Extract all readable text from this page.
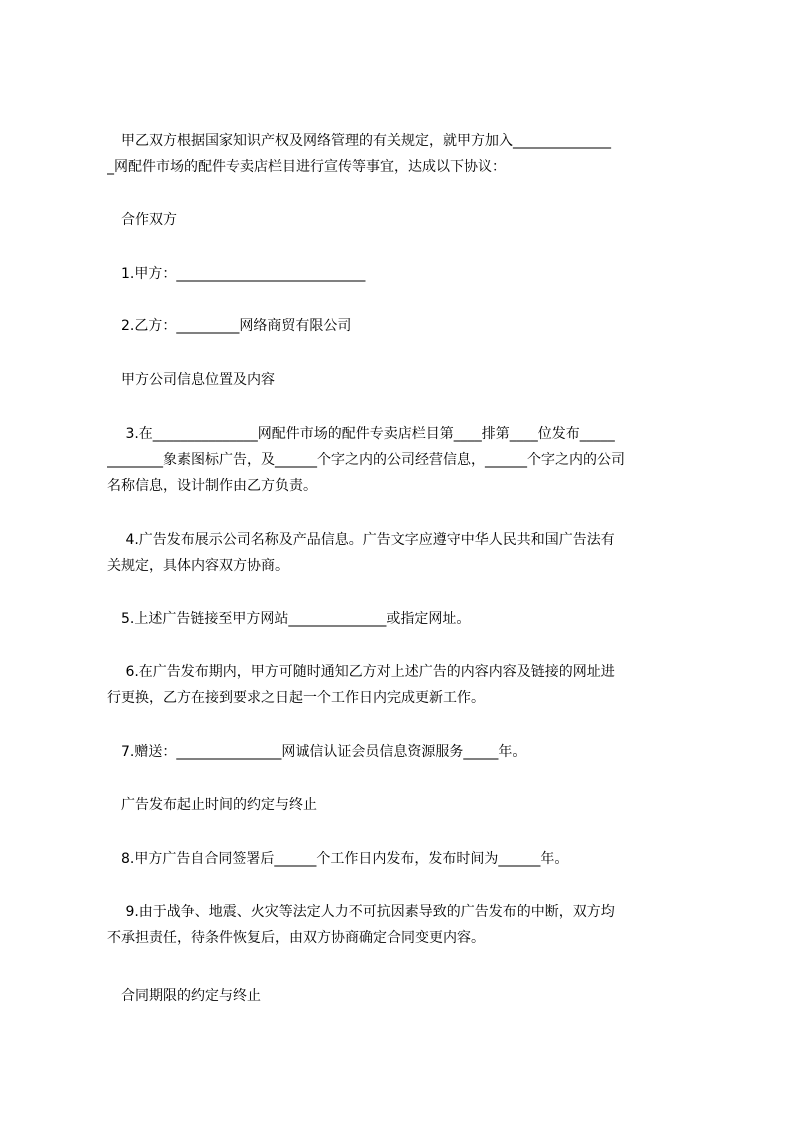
　甲乙双方根据国家知识产权及网络管理的有关规定，就甲方加入______________
_网配件市场的配件专卖店栏目进行宣传等事宜，达成以下协议：

　合作双方

　1.甲方：___________________________

　2.乙方：_________网络商贸有限公司

　甲方公司信息位置及内容

　 3.在_______________网配件市场的配件专卖店栏目第____排第____位发布_____
________象素图标广告，及______个字之内的公司经营信息，______个字之内的公司
名称信息，设计制作由乙方负责。

　 4.广告发布展示公司名称及产品信息。广告文字应遵守中华人民共和国广告法有
关规定，具体内容双方协商。

　5.上述广告链接至甲方网站______________或指定网址。

　 6.在广告发布期内，甲方可随时通知乙方对上述广告的内容内容及链接的网址进
行更换，乙方在接到要求之日起一个工作日内完成更新工作。

　7.赠送：_______________网诚信认证会员信息资源服务_____年。

　广告发布起止时间的约定与终止

　8.甲方广告自合同签署后______个工作日内发布，发布时间为______年。

　 9.由于战争、地震、火灾等法定人力不可抗因素导致的广告发布的中断，双方均
不承担责任，待条件恢复后，由双方协商确定合同变更内容。

　合同期限的约定与终止
